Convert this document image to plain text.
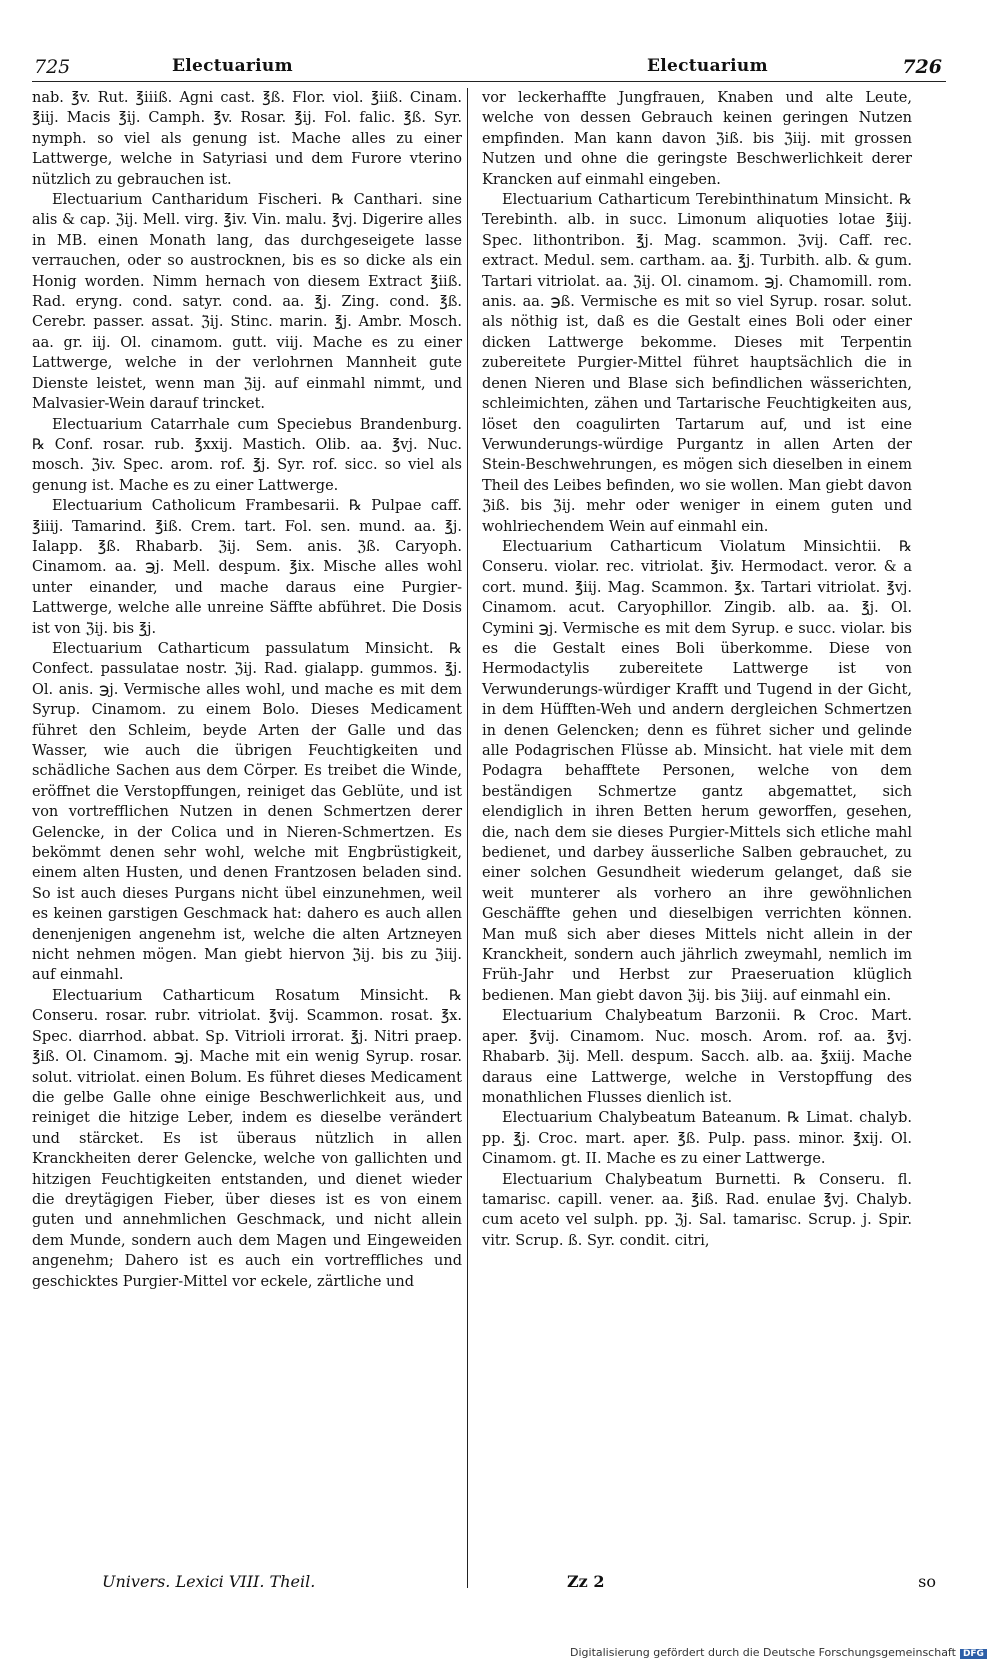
725	Electuarium	Electuarium	726

nab. ℥v. Rut. ℥iiiß. Agni cast. ℥ß. Flor. viol. ℥iiß. Cinam. ℥iij. Macis ℥ij. Camph. ℥v. Rosar. ℥ij. Fol. falic. ℥ß. Syr. nymph. so viel als genung ist. Mache alles zu einer Lattwerge, welche in Satyriasi und dem Furore vterino nützlich zu gebrauchen ist.

Electuarium Cantharidum Fischeri. ℞ Canthari. sine alis & cap. ℨij. Mell. virg. ℥iv. Vin. malu. ℥vj. Digerire alles in MB. einen Monath lang, das durchgeseigete lasse verrauchen, oder so austrocknen, bis es so dicke als ein Honig worden. Nimm hernach von diesem Extract ℥iiß. Rad. eryng. cond. satyr. cond. aa. ℥j. Zing. cond. ℥ß. Cerebr. passer. assat. ℨij. Stinc. marin. ℥j. Ambr. Mosch. aa. gr. iij. Ol. cinamom. gutt. viij. Mache es zu einer Lattwerge, welche in der verlohrnen Mannheit gute Dienste leistet, wenn man ℨij. auf einmahl nimmt, und Malvasier-Wein darauf trincket.

Electuarium Catarrhale cum Speciebus Brandenburg. ℞ Conf. rosar. rub. ℥xxij. Mastich. Olib. aa. ℥vj. Nuc. mosch. ℨiv. Spec. arom. rof. ℥j. Syr. rof. sicc. so viel als genung ist. Mache es zu einer Lattwerge.

Electuarium Catholicum Frambesarii. ℞ Pulpae caff. ℥iiij. Tamarind. ℥iß. Crem. tart. Fol. sen. mund. aa. ℥j. Ialapp. ℥ß. Rhabarb. ℨij. Sem. anis. ℨß. Caryoph. Cinamom. aa. ℈j. Mell. despum. ℥ix. Mische alles wohl unter einander, und mache daraus eine Purgier-Lattwerge, welche alle unreine Säffte abführet. Die Dosis ist von ℨij. bis ℥j.

Electuarium Catharticum passulatum Minsicht. ℞ Confect. passulatae nostr. ℨij. Rad. gialapp. gummos. ℥j. Ol. anis. ℈j. Vermische alles wohl, und mache es mit dem Syrup. Cinamom. zu einem Bolo. Dieses Medicament führet den Schleim, beyde Arten der Galle und das Wasser, wie auch die übrigen Feuchtigkeiten und schädliche Sachen aus dem Cörper. Es treibet die Winde, eröffnet die Verstopffungen, reiniget das Geblüte, und ist von vortrefflichen Nutzen in denen Schmertzen derer Gelencke, in der Colica und in Nieren-Schmertzen. Es bekömmt denen sehr wohl, welche mit Engbrüstigkeit, einem alten Husten, und denen Frantzosen beladen sind. So ist auch dieses Purgans nicht übel einzunehmen, weil es keinen garstigen Geschmack hat: dahero es auch allen denenjenigen angenehm ist, welche die alten Artzneyen nicht nehmen mögen. Man giebt hiervon ℨij. bis zu ℨiij. auf einmahl.

Electuarium Catharticum Rosatum Minsicht. ℞ Conseru. rosar. rubr. vitriolat. ℥vij. Scammon. rosat. ℥x. Spec. diarrhod. abbat. Sp. Vitrioli irrorat. ℥j. Nitri praep. ℥iß. Ol. Cinamom. ℈j. Mache mit ein wenig Syrup. rosar. solut. vitriolat. einen Bolum. Es führet dieses Medicament die gelbe Galle ohne einige Beschwerlichkeit aus, und reiniget die hitzige Leber, indem es dieselbe verändert und stärcket. Es ist überaus nützlich in allen Kranckheiten derer Gelencke, welche von gallichten und hitzigen Feuchtigkeiten entstanden, und dienet wieder die dreytägigen Fieber, über dieses ist es von einem guten und annehmlichen Geschmack, und nicht allein dem Munde, sondern auch dem Magen und Eingeweiden angenehm; Dahero ist es auch ein vortreffliches und geschicktes Purgier-Mittel vor eckele, zärtliche und

vor leckerhaffte Jungfrauen, Knaben und alte Leute, welche von dessen Gebrauch keinen geringen Nutzen empfinden. Man kann davon ℨiß. bis ℨiij. mit grossen Nutzen und ohne die geringste Beschwerlichkeit derer Krancken auf einmahl eingeben.

Electuarium Catharticum Terebinthinatum Minsicht. ℞ Terebinth. alb. in succ. Limonum aliquoties lotae ℥iij. Spec. lithontribon. ℥j. Mag. scammon. ℨvij. Caff. rec. extract. Medul. sem. cartham. aa. ℥j. Turbith. alb. & gum. Tartari vitriolat. aa. ℨij. Ol. cinamom. ℈j. Chamomill. rom. anis. aa. ℈ß. Vermische es mit so viel Syrup. rosar. solut. als nöthig ist, daß es die Gestalt eines Boli oder einer dicken Lattwerge bekomme. Dieses mit Terpentin zubereitete Purgier-Mittel führet hauptsächlich die in denen Nieren und Blase sich befindlichen wässerichten, schleimichten, zähen und Tartarische Feuchtigkeiten aus, löset den coagulirten Tartarum auf, und ist eine Verwunderungs-würdige Purgantz in allen Arten der Stein-Beschwehrungen, es mögen sich dieselben in einem Theil des Leibes befinden, wo sie wollen. Man giebt davon ℨiß. bis ℨij. mehr oder weniger in einem guten und wohlriechendem Wein auf einmahl ein.

Electuarium Catharticum Violatum Minsichtii. ℞ Conseru. violar. rec. vitriolat. ℥iv. Hermodact. veror. & a cort. mund. ℥iij. Mag. Scammon. ℥x. Tartari vitriolat. ℥vj. Cinamom. acut. Caryophillor. Zingib. alb. aa. ℥j. Ol. Cymini ℈j. Vermische es mit dem Syrup. e succ. violar. bis es die Gestalt eines Boli überkomme. Diese von Hermodactylis zubereitete Lattwerge ist von Verwunderungs-würdiger Krafft und Tugend in der Gicht, in dem Hüfften-Weh und andern dergleichen Schmertzen in denen Gelencken; denn es führet sicher und gelinde alle Podagrischen Flüsse ab. Minsicht. hat viele mit dem Podagra behafftete Personen, welche von dem beständigen Schmertze gantz abgemattet, sich elendiglich in ihren Betten herum geworffen, gesehen, die, nach dem sie dieses Purgier-Mittels sich etliche mahl bedienet, und darbey äusserliche Salben gebrauchet, zu einer solchen Gesundheit wiederum gelanget, daß sie weit munterer als vorhero an ihre gewöhnlichen Geschäffte gehen und dieselbigen verrichten können. Man muß sich aber dieses Mittels nicht allein in der Kranckheit, sondern auch jährlich zweymahl, nemlich im Früh-Jahr und Herbst zur Praeseruation klüglich bedienen. Man giebt davon ℨij. bis ℨiij. auf einmahl ein.

Electuarium Chalybeatum Barzonii. ℞ Croc. Mart. aper. ℥vij. Cinamom. Nuc. mosch. Arom. rof. aa. ℥vj. Rhabarb. ℨij. Mell. despum. Sacch. alb. aa. ℥xiij. Mache daraus eine Lattwerge, welche in Verstopffung des monathlichen Flusses dienlich ist.

Electuarium Chalybeatum Bateanum. ℞ Limat. chalyb. pp. ℥j. Croc. mart. aper. ℥ß. Pulp. pass. minor. ℥xij. Ol. Cinamom. gt. II. Mache es zu einer Lattwerge.

Electuarium Chalybeatum Burnetti. ℞ Conseru. fl. tamarisc. capill. vener. aa. ℥iß. Rad. enulae ℥vj. Chalyb. cum aceto vel sulph. pp. ℨj. Sal. tamarisc. Scrup. j. Spir. vitr. Scrup. ß. Syr. condit. citri,

Univers. Lexici VIII. Theil.	Zz 2	so
Digitalisierung gefördert durch die Deutsche Forschungsgemeinschaft DFG
